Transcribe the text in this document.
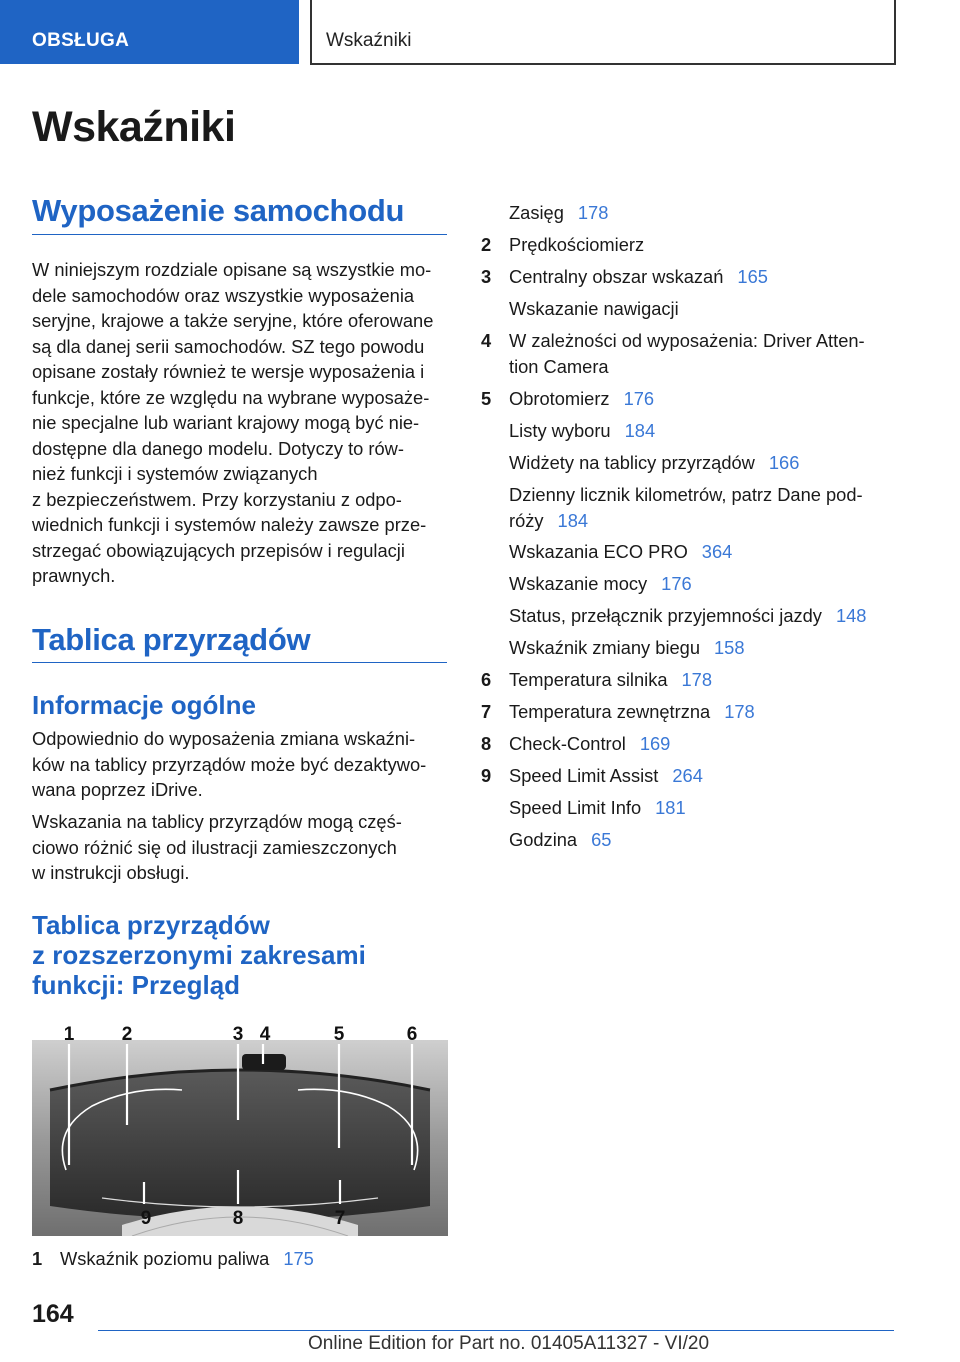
OBSŁUGA	Wskaźniki
Wskaźniki
Wyposażenie samochodu
W niniejszym rozdziale opisane są wszystkie mo-
dele samochodów oraz wszystkie wyposażenia
seryjne, krajowe a także seryjne, które oferowane
są dla danej serii samochodów. SZ tego powodu
opisane zostały również te wersje wyposażenia i
funkcje, które ze względu na wybrane wyposaże-
nie specjalne lub wariant krajowy mogą być nie-
dostępne dla danego modelu. Dotyczy to rów-
nież funkcji i systemów związanych
z bezpieczeństwem. Przy korzystaniu z odpo-
wiednich funkcji i systemów należy zawsze prze-
strzegać obowiązujących przepisów i regulacji
prawnych.
Tablica przyrządów
Informacje ogólne
Odpowiednio do wyposażenia zmiana wskaźni-
ków na tablicy przyrządów może być dezaktywo-
wana poprzez iDrive.
Wskazania na tablicy przyrządów mogą częś-
ciowo różnić się od ilustracji zamieszczonych
w instrukcji obsługi.
Tablica przyrządów
z rozszerzonymi zakresami
funkcji: Przegląd
1 2	3 4	5	6
9	8	7
1 Wskaźnik poziomu paliwa 175
Zasięg 178
2 Prędkościomierz
3 Centralny obszar wskazań 165
Wskazanie nawigacji
4 W zależności od wyposażenia: Driver Atten-
tion Camera
5 Obrotomierz 176
Listy wyboru 184
Widżety na tablicy przyrządów 166
Dzienny licznik kilometrów, patrz Dane pod-
róży 184
Wskazania ECO PRO 364
Wskazanie mocy 176
Status, przełącznik przyjemności jazdy 148
Wskaźnik zmiany biegu 158
6 Temperatura silnika 178
7 Temperatura zewnętrzna 178
8 Check-Control 169
9 Speed Limit Assist 264
Speed Limit Info 181
Godzina 65
164
Online Edition for Part no. 01405A11327 - VI/20
